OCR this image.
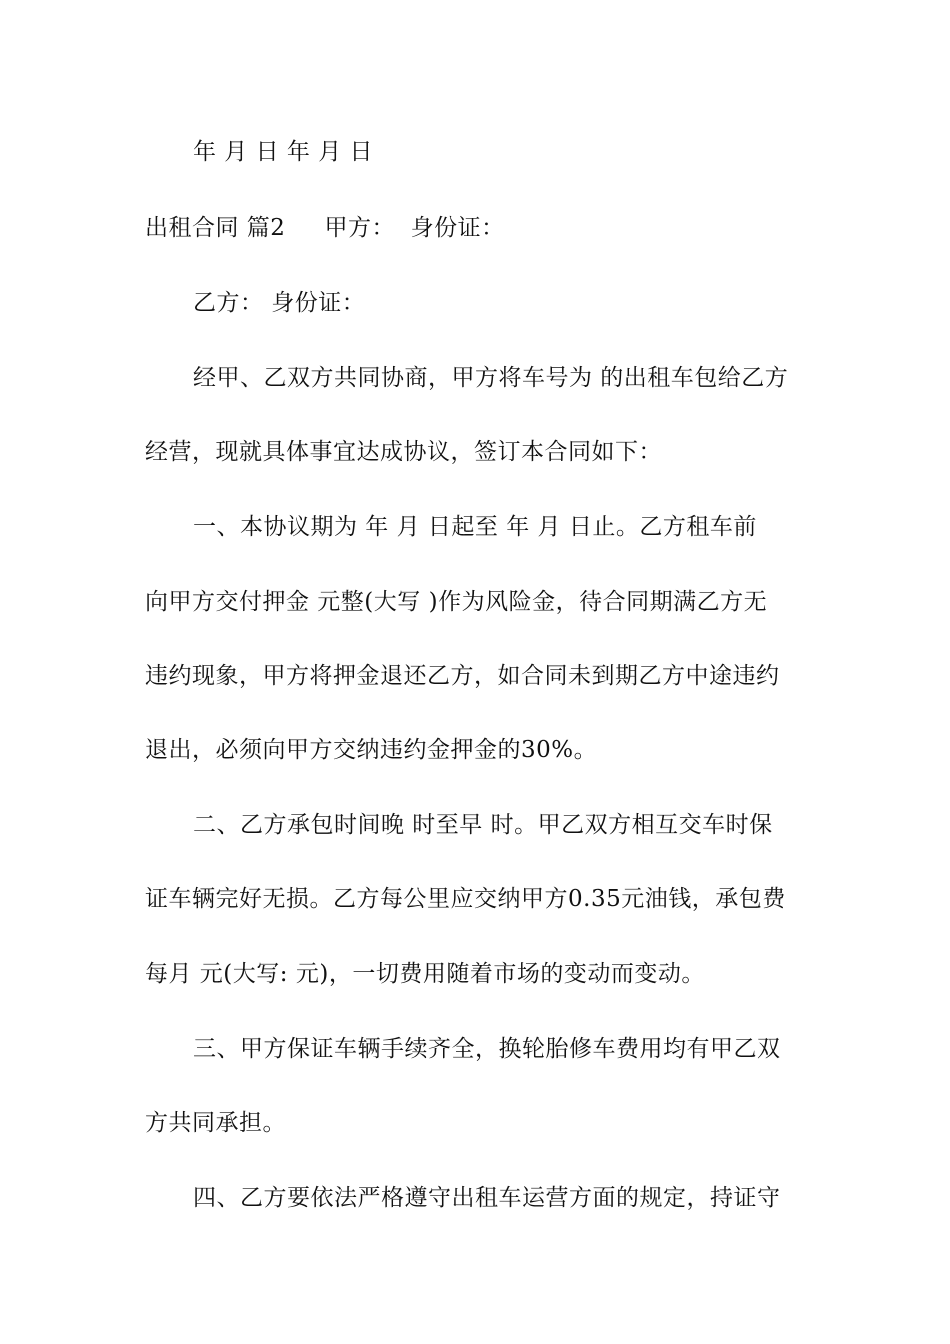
年 月 日 年 月 日
出租合同 篇2     甲方：  身份证：
乙方： 身份证：
经甲、乙双方共同协商，甲方将车号为 的出租车包给乙方
经营，现就具体事宜达成协议，签订本合同如下：
一、本协议期为 年 月 日起至 年 月 日止。乙方租车前
向甲方交付押金 元整(大写 )作为风险金，待合同期满乙方无
违约现象，甲方将押金退还乙方，如合同未到期乙方中途违约
退出，必须向甲方交纳违约金押金的30%。
二、乙方承包时间晚 时至早 时。甲乙双方相互交车时保
证车辆完好无损。乙方每公里应交纳甲方0.35元油钱，承包费
每月 元(大写: 元)，一切费用随着市场的变动而变动。
三、甲方保证车辆手续齐全，换轮胎修车费用均有甲乙双
方共同承担。
四、乙方要依法严格遵守出租车运营方面的规定，持证守
